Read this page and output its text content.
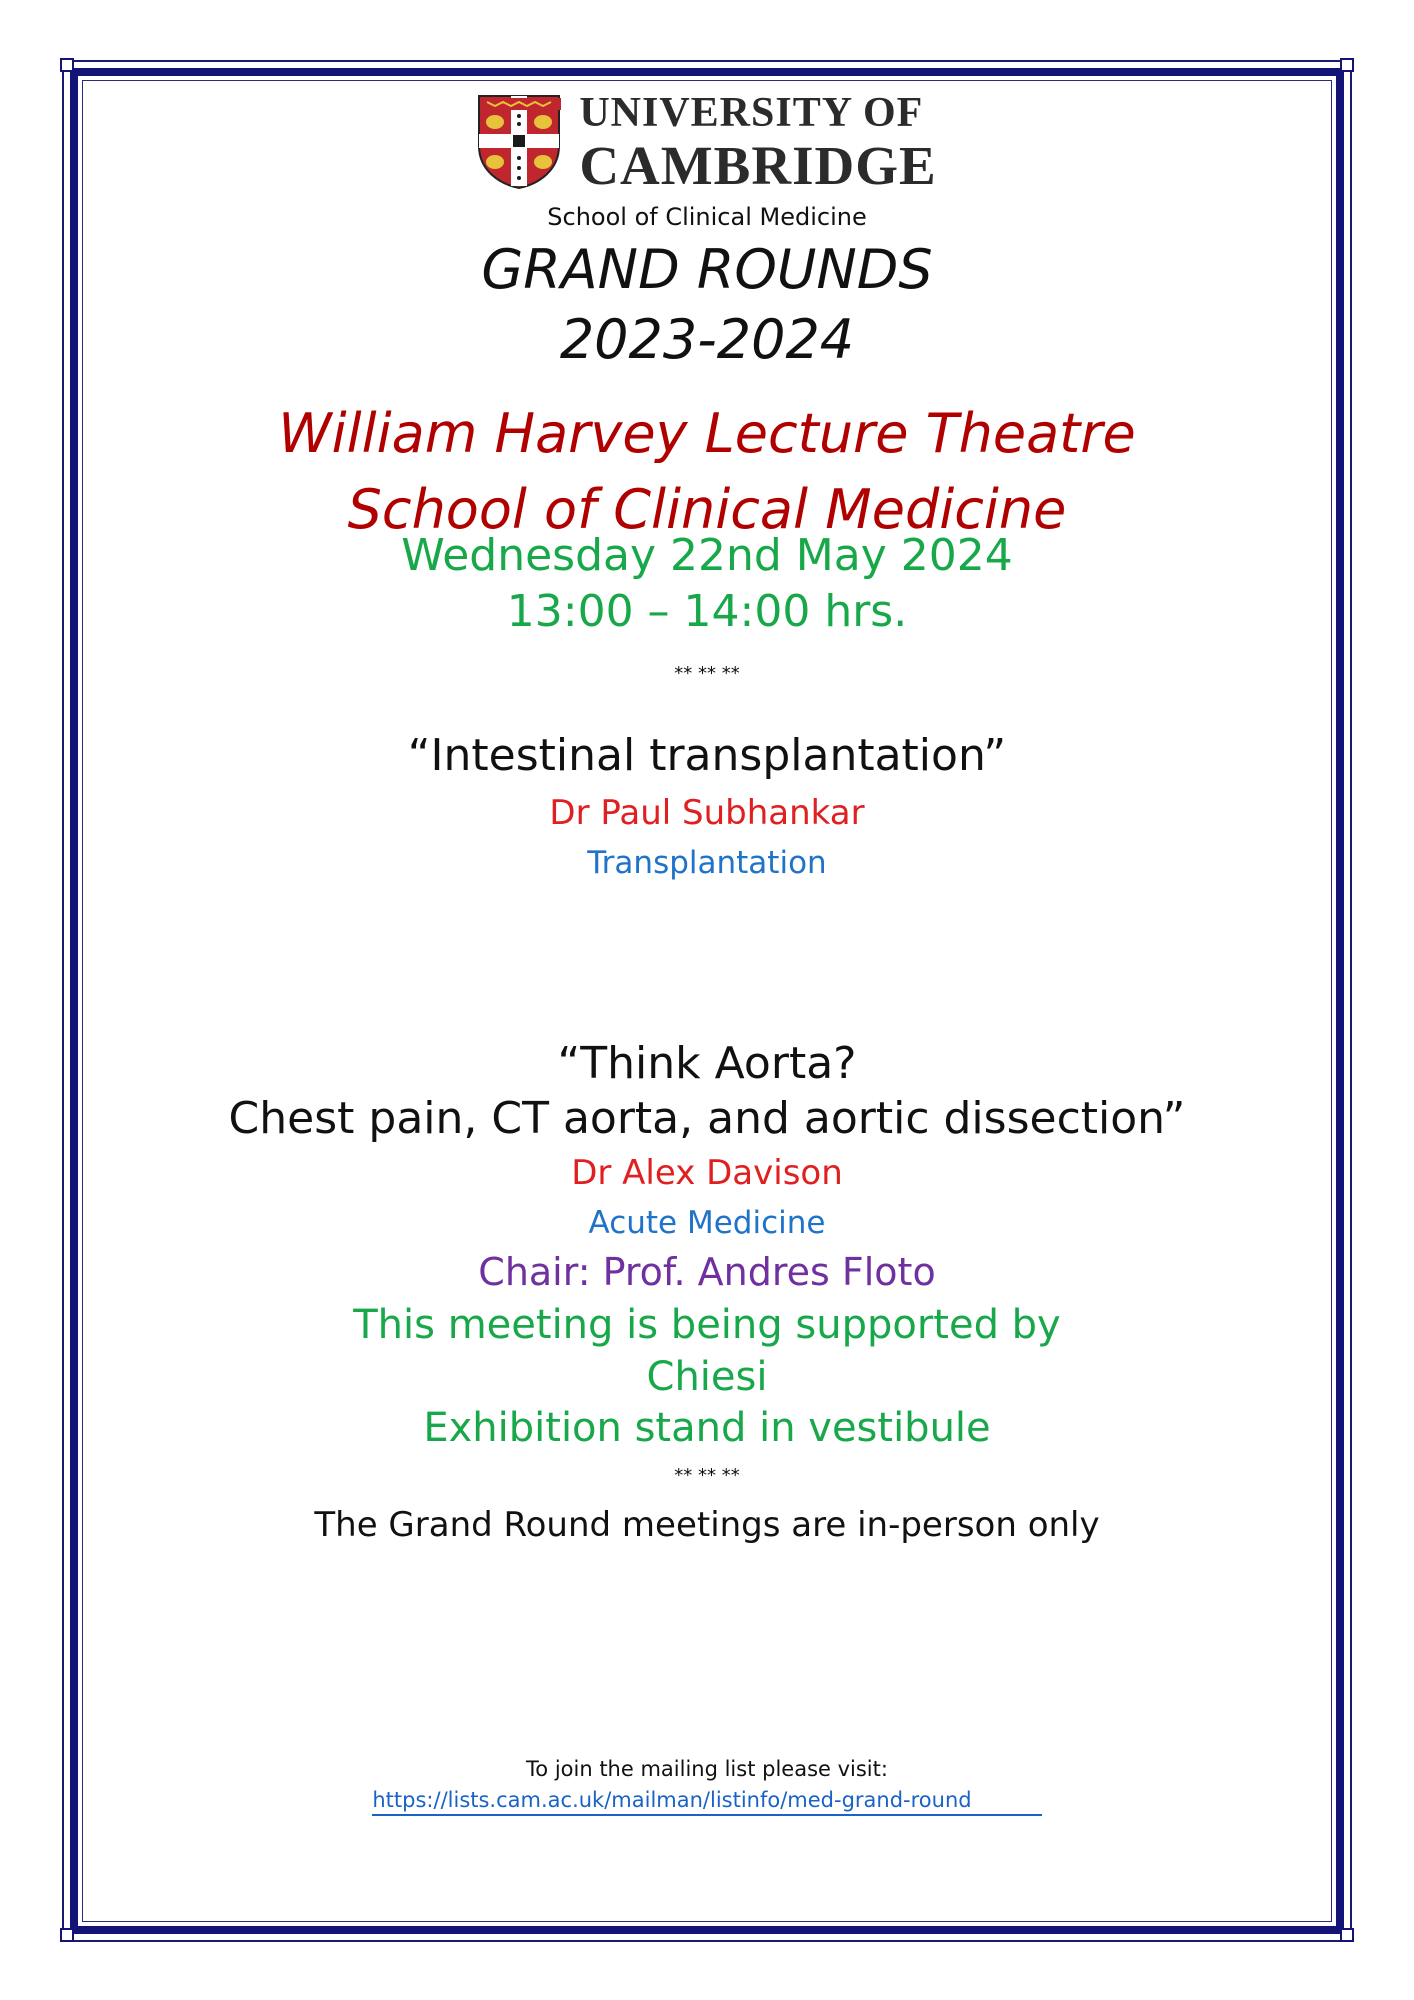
UNIVERSITY OF
CAMBRIDGE
School of Clinical Medicine
GRAND ROUNDS
2023-2024
William Harvey Lecture Theatre
School of Clinical Medicine
Wednesday 22nd May 2024
13:00 – 14:00 hrs.
** ** **
“Intestinal transplantation”
Dr Paul Subhankar
Transplantation
“Think Aorta?
Chest pain, CT aorta, and aortic dissection”
Dr Alex Davison
Acute Medicine
Chair: Prof. Andres Floto
This meeting is being supported by
Chiesi
Exhibition stand in vestibule
** ** **
The Grand Round meetings are in-person only
To join the mailing list please visit:
https://lists.cam.ac.uk/mailman/listinfo/med-grand-round
